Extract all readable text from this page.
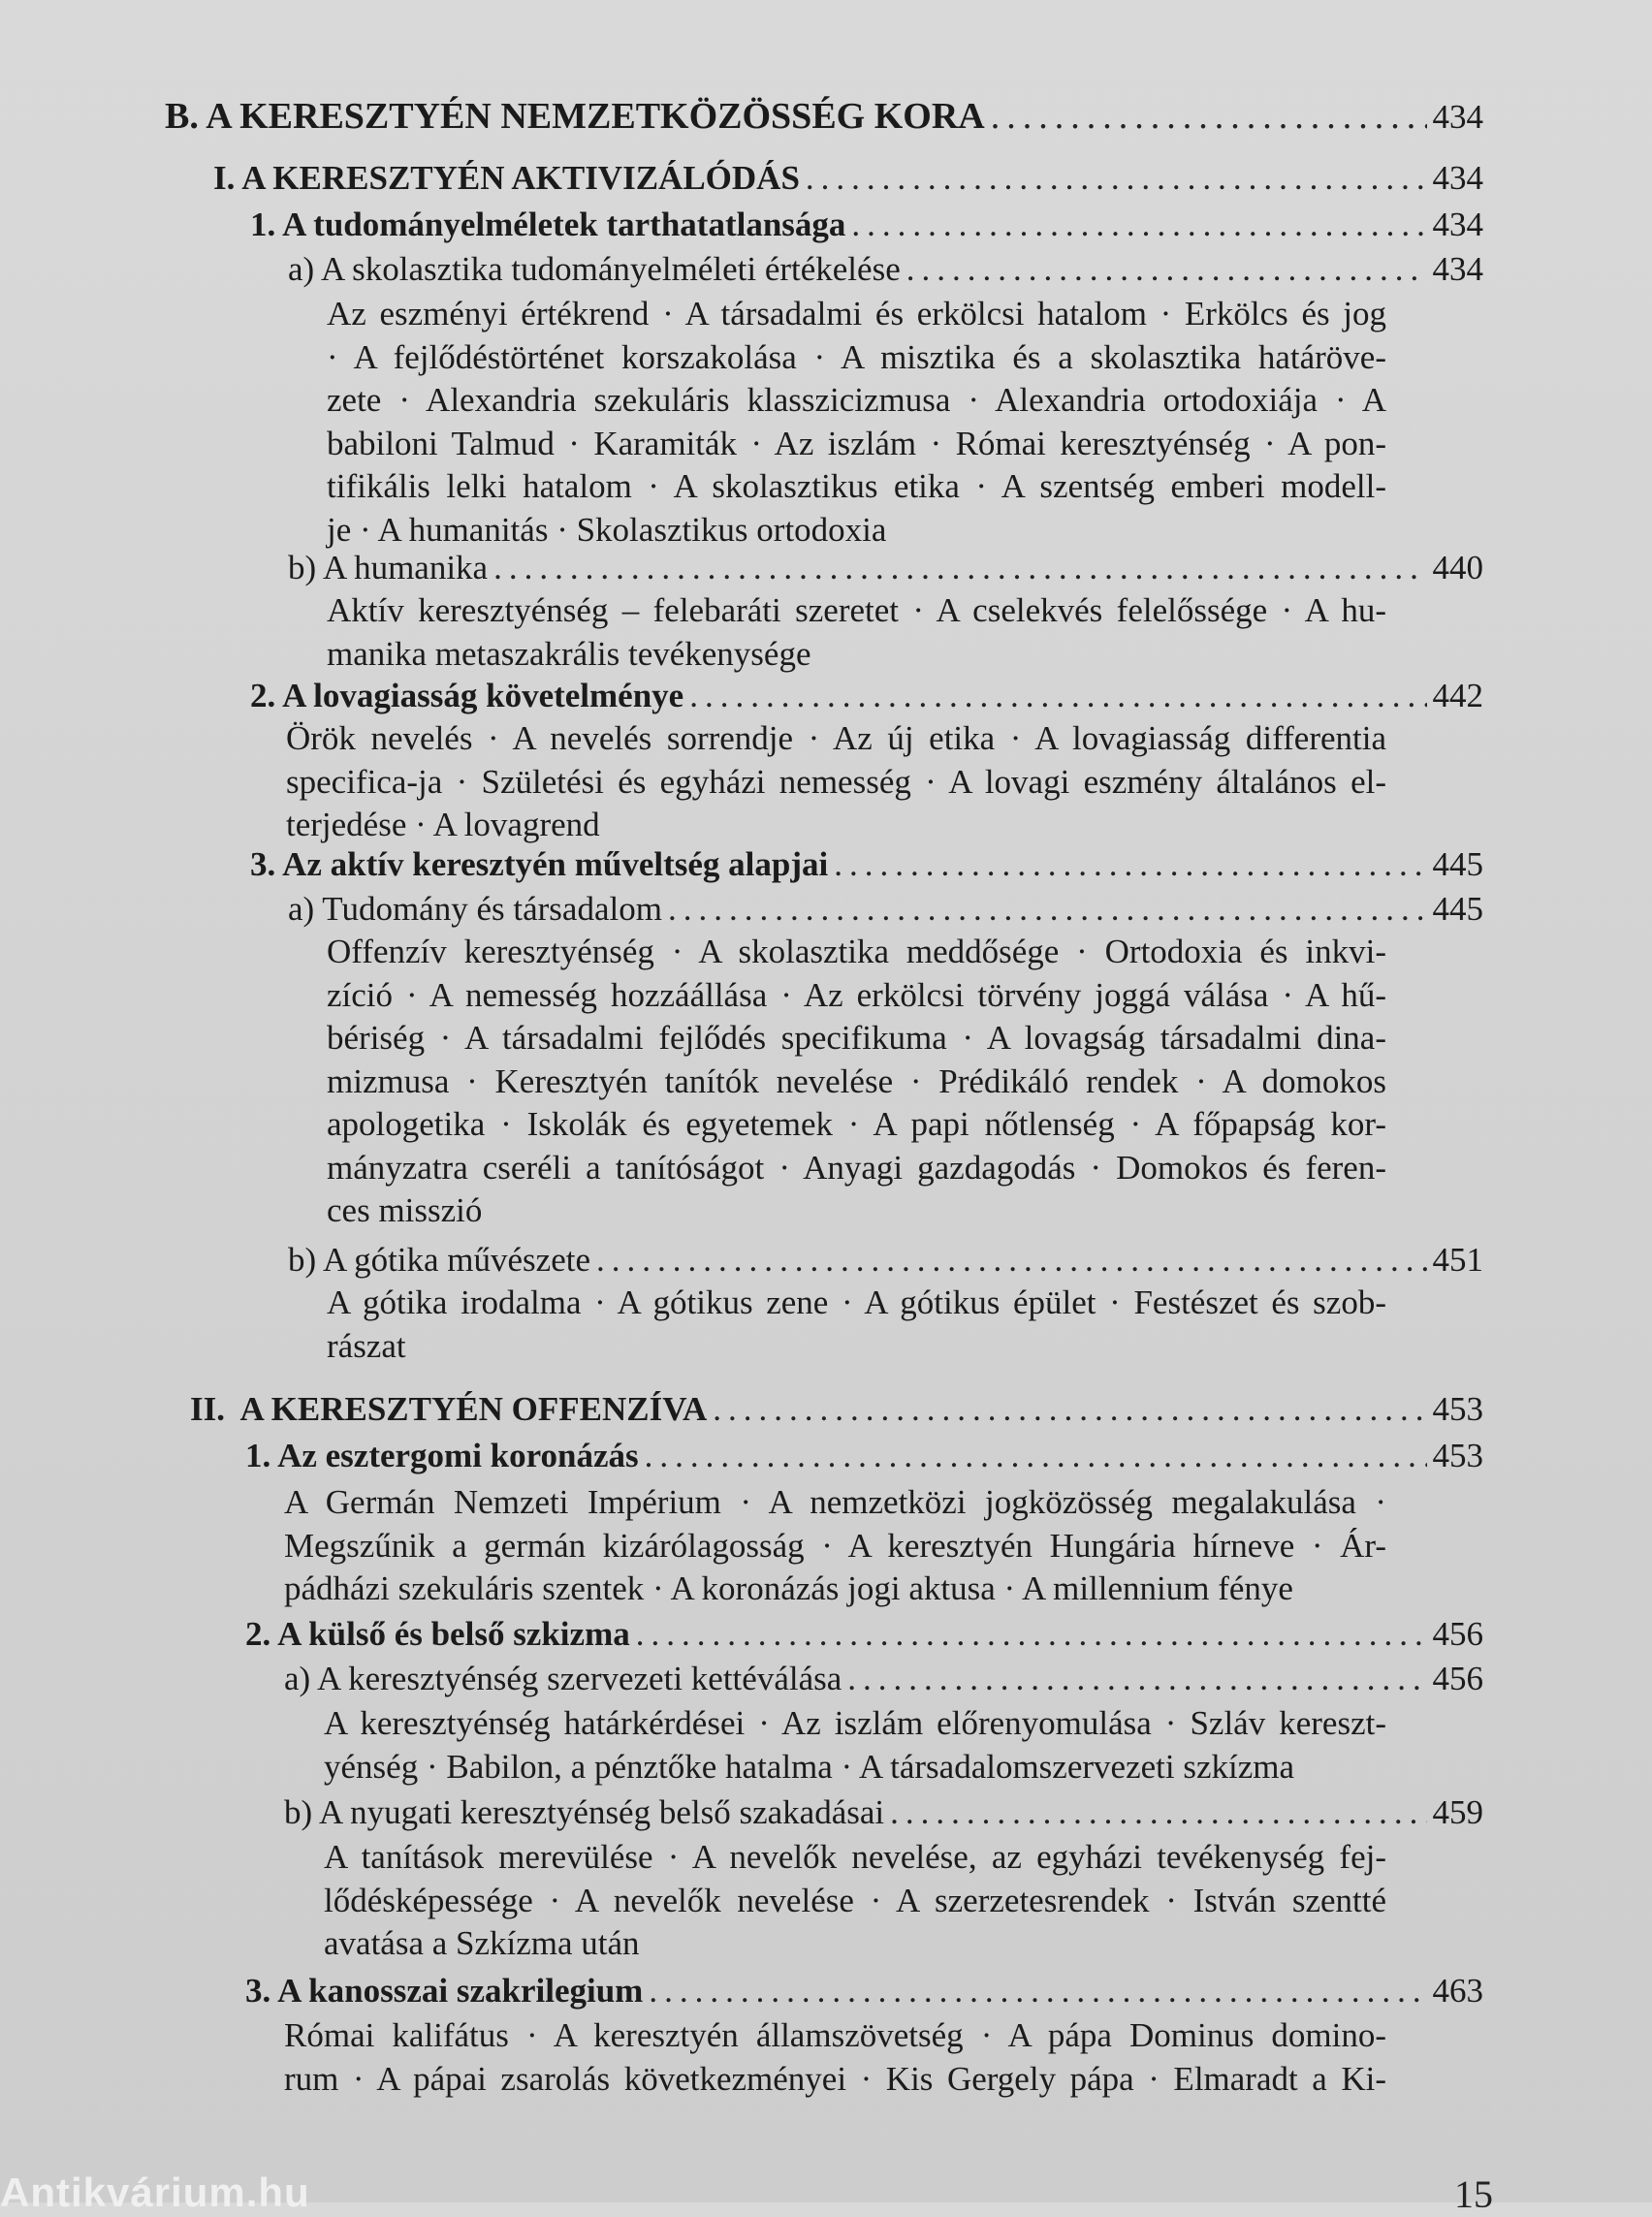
B. A KERESZTYÉN NEMZETKÖZÖSSÉG KORA .....	434
I. A KERESZTYÉN AKTIVIZÁLÓDÁS .....	434
1. A tudományelméletek tarthatatlansága .....	434
a) A skolasztika tudományelméleti értékelése .....	434
Az eszményi értékrend · A társadalmi és erkölcsi hatalom · Erkölcs és jog
· A fejlődéstörténet korszakolása · A misztika és a skolasztika határöve-
zete · Alexandria szekuláris klasszicizmusa · Alexandria ortodoxiája · A
babiloni Talmud · Karamiták · Az iszlám · Római keresztyénség · A pon-
tifikális lelki hatalom · A skolasztikus etika · A szentség emberi modell-
je · A humanitás · Skolasztikus ortodoxia
b) A humanika .....	440
Aktív keresztyénség – felebaráti szeretet · A cselekvés felelőssége · A hu-
manika metaszakrális tevékenysége
2. A lovagiasság követelménye .....	442
Örök nevelés · A nevelés sorrendje · Az új etika · A lovagiasság differentia
specifica-ja · Születési és egyházi nemesség · A lovagi eszmény általános el-
terjedése · A lovagrend
3. Az aktív keresztyén műveltség alapjai .....	445
a) Tudomány és társadalom .....	445
Offenzív keresztyénség · A skolasztika meddősége · Ortodoxia és inkvi-
zíció · A nemesség hozzáállása · Az erkölcsi törvény joggá válása · A hű-
bériség · A társadalmi fejlődés specifikuma · A lovagság társadalmi dina-
mizmusa · Keresztyén tanítók nevelése · Prédikáló rendek · A domokos
apologetika · Iskolák és egyetemek · A papi nőtlenség · A főpapság kor-
mányzatra cseréli a tanítóságot · Anyagi gazdagodás · Domokos és feren-
ces misszió
b) A gótika művészete .....	451
A gótika irodalma · A gótikus zene · A gótikus épület · Festészet és szob-
rászat
II.  A KERESZTYÉN OFFENZÍVA .....	453
1. Az esztergomi koronázás .....	453
A Germán Nemzeti Impérium · A nemzetközi jogközösség megalakulása ·
Megszűnik a germán kizárólagosság · A keresztyén Hungária hírneve · Ár-
pádházi szekuláris szentek · A koronázás jogi aktusa · A millennium fénye
2. A külső és belső szkizma .....	456
a) A keresztyénség szervezeti kettéválása .....	456
A keresztyénség határkérdései · Az iszlám előrenyomulása · Szláv kereszt-
yénség · Babilon, a pénztőke hatalma · A társadalomszervezeti szkízma
b) A nyugati keresztyénség belső szakadásai .....	459
A tanítások merevülése · A nevelők nevelése, az egyházi tevékenység fej-
lődésképessége · A nevelők nevelése · A szerzetesrendek · István szentté
avatása a Szkízma után
3. A kanosszai szakrilegium .....	463
Római kalifátus · A keresztyén államszövetség · A pápa Dominus domino-
rum · A pápai zsarolás következményei · Kis Gergely pápa · Elmaradt a Ki-
Antikvárium.hu	15
